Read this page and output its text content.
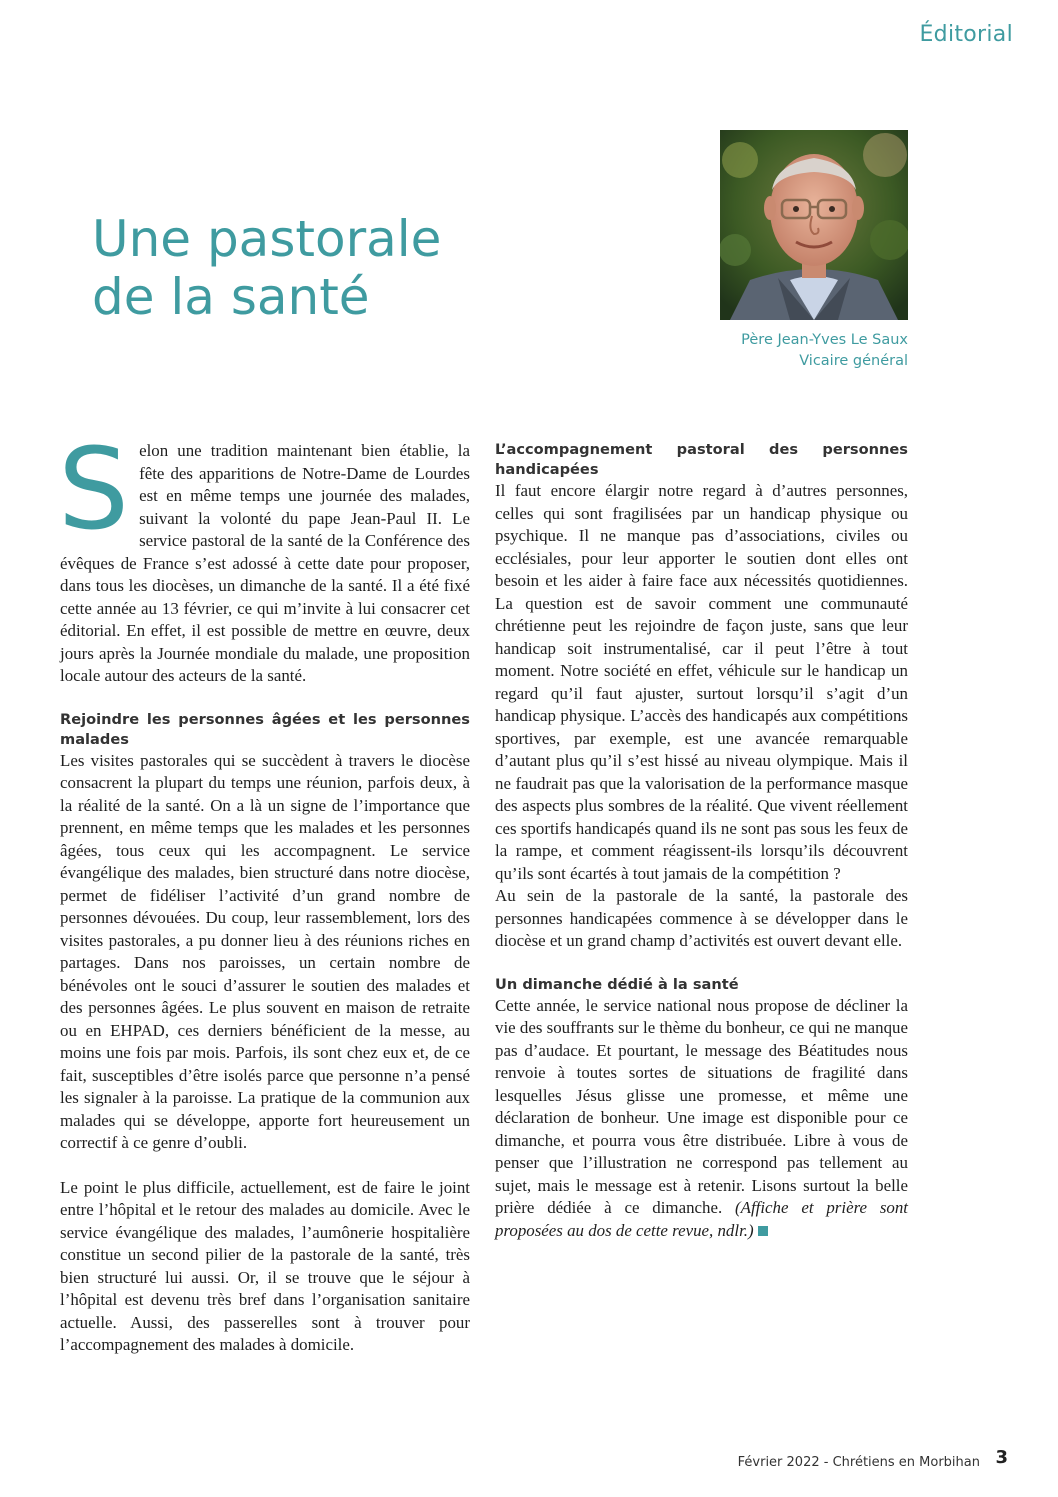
Éditorial
Une pastorale
de la santé
Père Jean-Yves Le Saux
Vicaire général

Selon une tradition maintenant bien établie, la fête des apparitions de Notre-Dame de Lourdes est en même temps une journée des malades, suivant la volonté du pape Jean-Paul II. Le service pastoral de la santé de la Conférence des évêques de France s’est adossé à cette date pour proposer, dans tous les diocèses, un dimanche de la santé. Il a été fixé cette année au 13 février, ce qui m’invite à lui consacrer cet éditorial. En effet, il est possible de mettre en œuvre, deux jours après la Journée mondiale du malade, une proposition locale autour des acteurs de la santé.

Rejoindre les personnes âgées et les personnes malades

Les visites pastorales qui se succèdent à travers le diocèse consacrent la plupart du temps une réunion, parfois deux, à la réalité de la santé. On a là un signe de l’importance que prennent, en même temps que les malades et les personnes âgées, tous ceux qui les accompagnent. Le service évangélique des malades, bien structuré dans notre diocèse, permet de fidéliser l’activité d’un grand nombre de personnes dévouées. Du coup, leur rassemblement, lors des visites pastorales, a pu donner lieu à des réunions riches en partages. Dans nos paroisses, un certain nombre de bénévoles ont le souci d’assurer le soutien des malades et des personnes âgées. Le plus souvent en maison de retraite ou en EHPAD, ces derniers bénéficient de la messe, au moins une fois par mois. Parfois, ils sont chez eux et, de ce fait, susceptibles d’être isolés parce que personne n’a pensé les signaler à la paroisse. La pratique de la communion aux malades qui se développe, apporte fort heureusement un correctif à ce genre d’oubli.

Le point le plus difficile, actuellement, est de faire le joint entre l’hôpital et le retour des malades au domicile. Avec le service évangélique des malades, l’aumônerie hospitalière constitue un second pilier de la pastorale de la santé, très bien structuré lui aussi. Or, il se trouve que le séjour à l’hôpital est devenu très bref dans l’organisation sanitaire actuelle. Aussi, des passerelles sont à trouver pour l’accompagnement des malades à domicile.

L’accompagnement pastoral des personnes handicapées

Il faut encore élargir notre regard à d’autres personnes, celles qui sont fragilisées par un handicap physique ou psychique. Il ne manque pas d’associations, civiles ou ecclésiales, pour leur apporter le soutien dont elles ont besoin et les aider à faire face aux nécessités quotidiennes. La question est de savoir comment une communauté chrétienne peut les rejoindre de façon juste, sans que leur handicap soit instrumentalisé, car il peut l’être à tout moment. Notre société en effet, véhicule sur le handicap un regard qu’il faut ajuster, surtout lorsqu’il s’agit d’un handicap physique. L’accès des handicapés aux compétitions sportives, par exemple, est une avancée remarquable d’autant plus qu’il s’est hissé au niveau olympique. Mais il ne faudrait pas que la valorisation de la performance masque des aspects plus sombres de la réalité. Que vivent réellement ces sportifs handicapés quand ils ne sont pas sous les feux de la rampe, et comment réagissent-ils lorsqu’ils découvrent qu’ils sont écartés à tout jamais de la compétition ?

Au sein de la pastorale de la santé, la pastorale des personnes handicapées commence à se développer dans le diocèse et un grand champ d’activités est ouvert devant elle.

Un dimanche dédié à la santé

Cette année, le service national nous propose de décliner la vie des souffrants sur le thème du bonheur, ce qui ne manque pas d’audace. Et pourtant, le message des Béatitudes nous renvoie à toutes sortes de situations de fragilité dans lesquelles Jésus glisse une promesse, et même une déclaration de bonheur. Une image est disponible pour ce dimanche, et pourra vous être distribuée. Libre à vous de penser que l’illustration ne correspond pas tellement au sujet, mais le message est à retenir. Lisons surtout la belle prière dédiée à ce dimanche. (Affiche et prière sont proposées au dos de cette revue, ndlr.)

Février 2022 - Chrétiens en Morbihan 3
